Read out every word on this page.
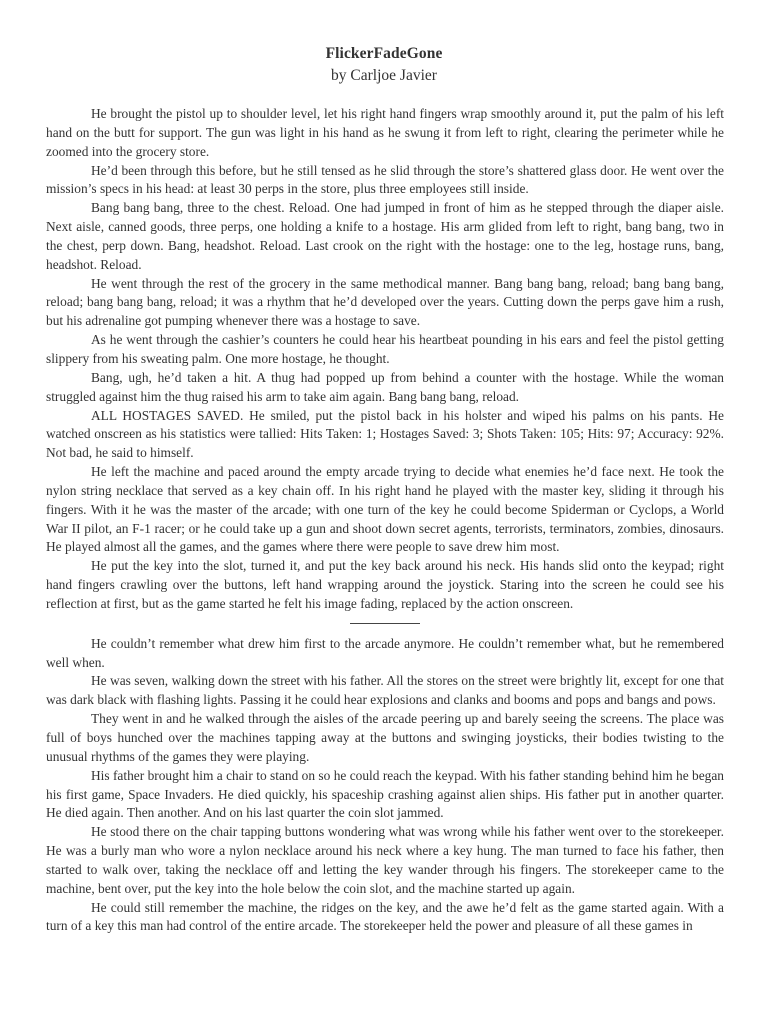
FlickerFadeGone
by Carljoe Javier

He brought the pistol up to shoulder level, let his right hand fingers wrap smoothly around it, put the palm of his left hand on the butt for support. The gun was light in his hand as he swung it from left to right, clearing the perimeter while he zoomed into the grocery store.

He’d been through this before, but he still tensed as he slid through the store’s shattered glass door. He went over the mission’s specs in his head: at least 30 perps in the store, plus three employees still inside.

Bang bang bang, three to the chest. Reload. One had jumped in front of him as he stepped through the diaper aisle. Next aisle, canned goods, three perps, one holding a knife to a hostage. His arm glided from left to right, bang bang, two in the chest, perp down. Bang, headshot. Reload. Last crook on the right with the hostage: one to the leg, hostage runs, bang, headshot. Reload.

He went through the rest of the grocery in the same methodical manner. Bang bang bang, reload; bang bang bang, reload; bang bang bang, reload; it was a rhythm that he’d developed over the years. Cutting down the perps gave him a rush, but his adrenaline got pumping whenever there was a hostage to save.

As he went through the cashier’s counters he could hear his heartbeat pounding in his ears and feel the pistol getting slippery from his sweating palm. One more hostage, he thought.

Bang, ugh, he’d taken a hit. A thug had popped up from behind a counter with the hostage. While the woman struggled against him the thug raised his arm to take aim again. Bang bang bang, reload.

ALL HOSTAGES SAVED. He smiled, put the pistol back in his holster and wiped his palms on his pants. He watched onscreen as his statistics were tallied: Hits Taken: 1; Hostages Saved: 3; Shots Taken: 105; Hits: 97; Accuracy: 92%. Not bad, he said to himself.

He left the machine and paced around the empty arcade trying to decide what enemies he’d face next. He took the nylon string necklace that served as a key chain off. In his right hand he played with the master key, sliding it through his fingers. With it he was the master of the arcade; with one turn of the key he could become Spiderman or Cyclops, a World War II pilot, an F-1 racer; or he could take up a gun and shoot down secret agents, terrorists, terminators, zombies, dinosaurs. He played almost all the games, and the games where there were people to save drew him most.

He put the key into the slot, turned it, and put the key back around his neck. His hands slid onto the keypad; right hand fingers crawling over the buttons, left hand wrapping around the joystick. Staring into the screen he could see his reflection at first, but as the game started he felt his image fading, replaced by the action onscreen.

He couldn’t remember what drew him first to the arcade anymore. He couldn’t remember what, but he remembered well when.

He was seven, walking down the street with his father. All the stores on the street were brightly lit, except for one that was dark black with flashing lights. Passing it he could hear explosions and clanks and booms and pops and bangs and pows.

They went in and he walked through the aisles of the arcade peering up and barely seeing the screens. The place was full of boys hunched over the machines tapping away at the buttons and swinging joysticks, their bodies twisting to the unusual rhythms of the games they were playing.

His father brought him a chair to stand on so he could reach the keypad. With his father standing behind him he began his first game, Space Invaders. He died quickly, his spaceship crashing against alien ships. His father put in another quarter. He died again. Then another. And on his last quarter the coin slot jammed.

He stood there on the chair tapping buttons wondering what was wrong while his father went over to the storekeeper. He was a burly man who wore a nylon necklace around his neck where a key hung. The man turned to face his father, then started to walk over, taking the necklace off and letting the key wander through his fingers. The storekeeper came to the machine, bent over, put the key into the hole below the coin slot, and the machine started up again.

He could still remember the machine, the ridges on the key, and the awe he’d felt as the game started again. With a turn of a key this man had control of the entire arcade. The storekeeper held the power and pleasure of all these games in
